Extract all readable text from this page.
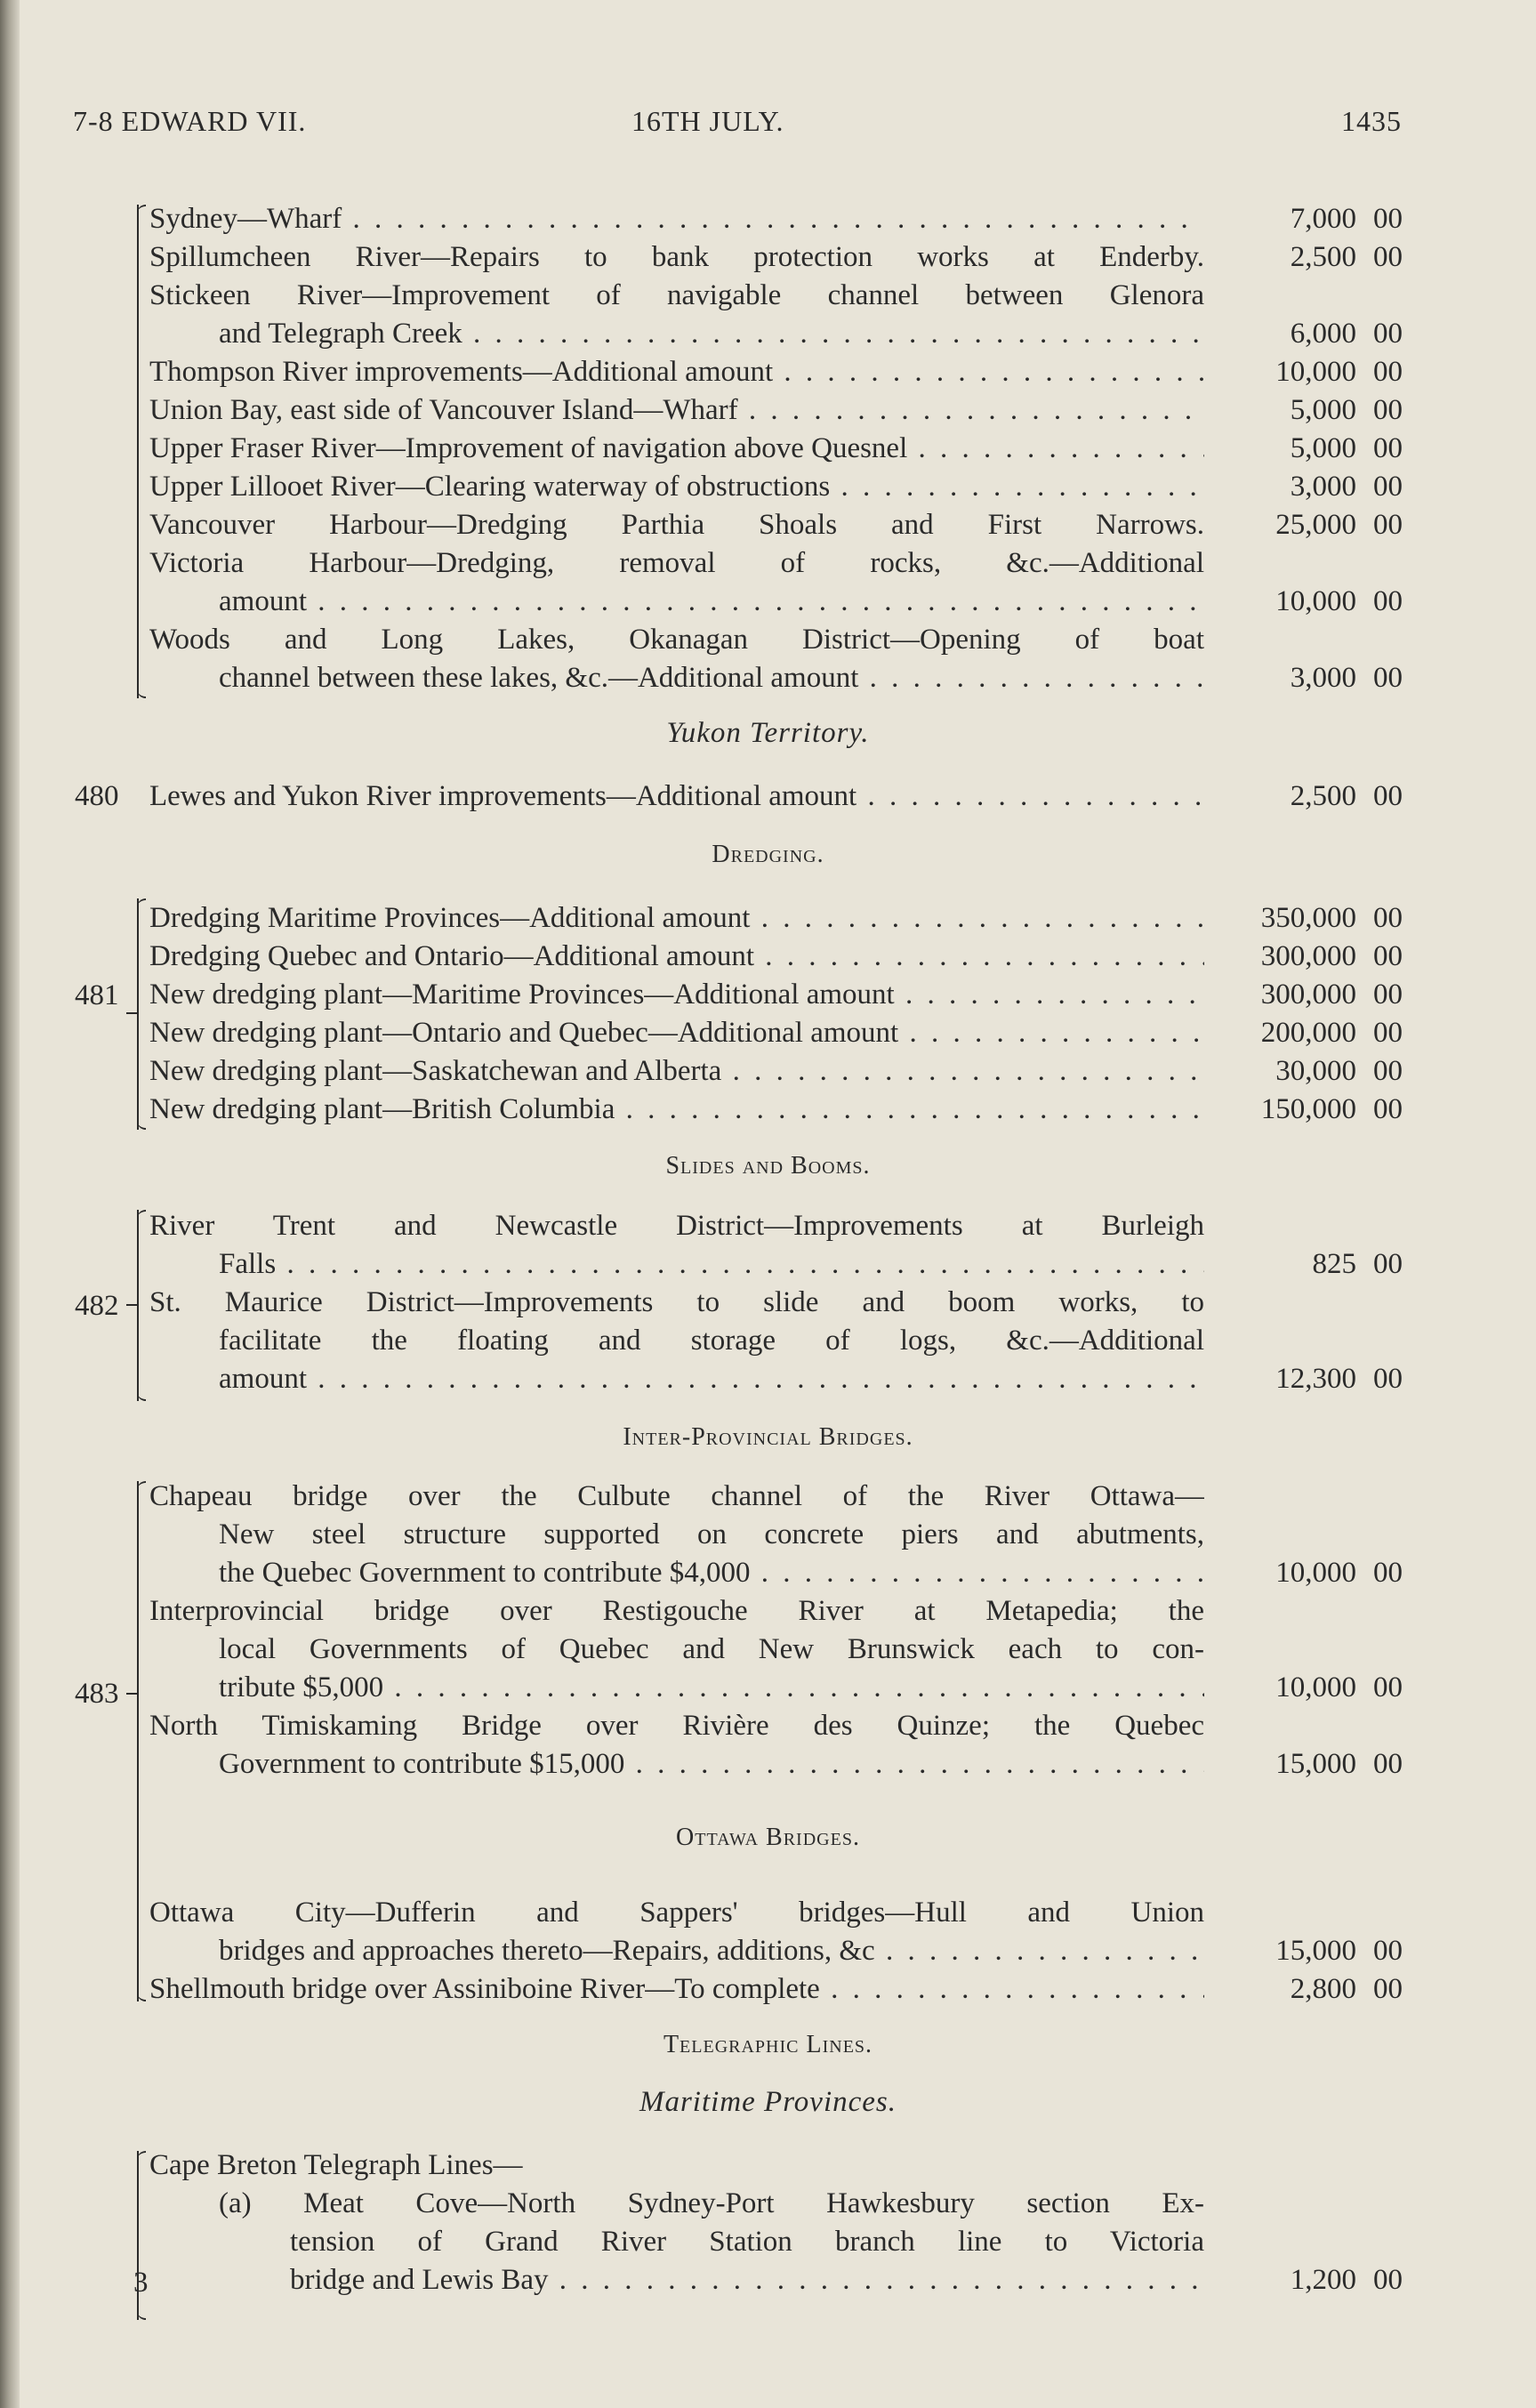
7-8 EDWARD VII.	16TH JULY.	1435
Sydney—Wharf . . .	7,000 00
Spillumcheen River—Repairs to bank protection works at Enderby.	2,500 00
Stickeen River—Improvement of navigable channel between Glenora
and Telegraph Creek . . .	6,000 00
Thompson River improvements—Additional amount . . .	10,000 00
Union Bay, east side of Vancouver Island—Wharf . . .	5,000 00
Upper Fraser River—Improvement of navigation above Quesnel . . .	5,000 00
Upper Lillooet River—Clearing waterway of obstructions . . .	3,000 00
Vancouver Harbour—Dredging Parthia Shoals and First Narrows.	25,000 00
Victoria Harbour—Dredging, removal of rocks, &c.—Additional
amount . . .	10,000 00
Woods and Long Lakes, Okanagan District—Opening of boat
channel between these lakes, &c.—Additional amount . . .	3,000 00
Yukon Territory.
480 Lewes and Yukon River improvements—Additional amount . . .	2,500 00
Dredging.
481
Dredging Maritime Provinces—Additional amount . . .	350,000 00
Dredging Quebec and Ontario—Additional amount . . .	300,000 00
New dredging plant—Maritime Provinces—Additional amount . . .	300,000 00
New dredging plant—Ontario and Quebec—Additional amount . . .	200,000 00
New dredging plant—Saskatchewan and Alberta . . .	30,000 00
New dredging plant—British Columbia . . .	150,000 00
Slides and Booms.
482
River Trent and Newcastle District—Improvements at Burleigh
Falls . . .	825 00
St. Maurice District—Improvements to slide and boom works, to
facilitate the floating and storage of logs, &c.—Additional
amount . . .	12,300 00
Inter-Provincial Bridges.
483
Chapeau bridge over the Culbute channel of the River Ottawa—
New steel structure supported on concrete piers and abutments,
the Quebec Government to contribute $4,000 . . .	10,000 00
Interprovincial bridge over Restigouche River at Metapedia; the
local Governments of Quebec and New Brunswick each to con-
tribute $5,000 . . .	10,000 00
North Timiskaming Bridge over Rivière des Quinze; the Quebec
Government to contribute $15,000 . . .	15,000 00
Ottawa Bridges.
Ottawa City—Dufferin and Sappers' bridges—Hull and Union
bridges and approaches thereto—Repairs, additions, &c . . .	15,000 00
Shellmouth bridge over Assiniboine River—To complete . . .	2,800 00
Telegraphic Lines.
Maritime Provinces.
Cape Breton Telegraph Lines—
(a) Meat Cove—North Sydney-Port Hawkesbury section Ex-
tension of Grand River Station branch line to Victoria
bridge and Lewis Bay . . .	1,200 00
3
